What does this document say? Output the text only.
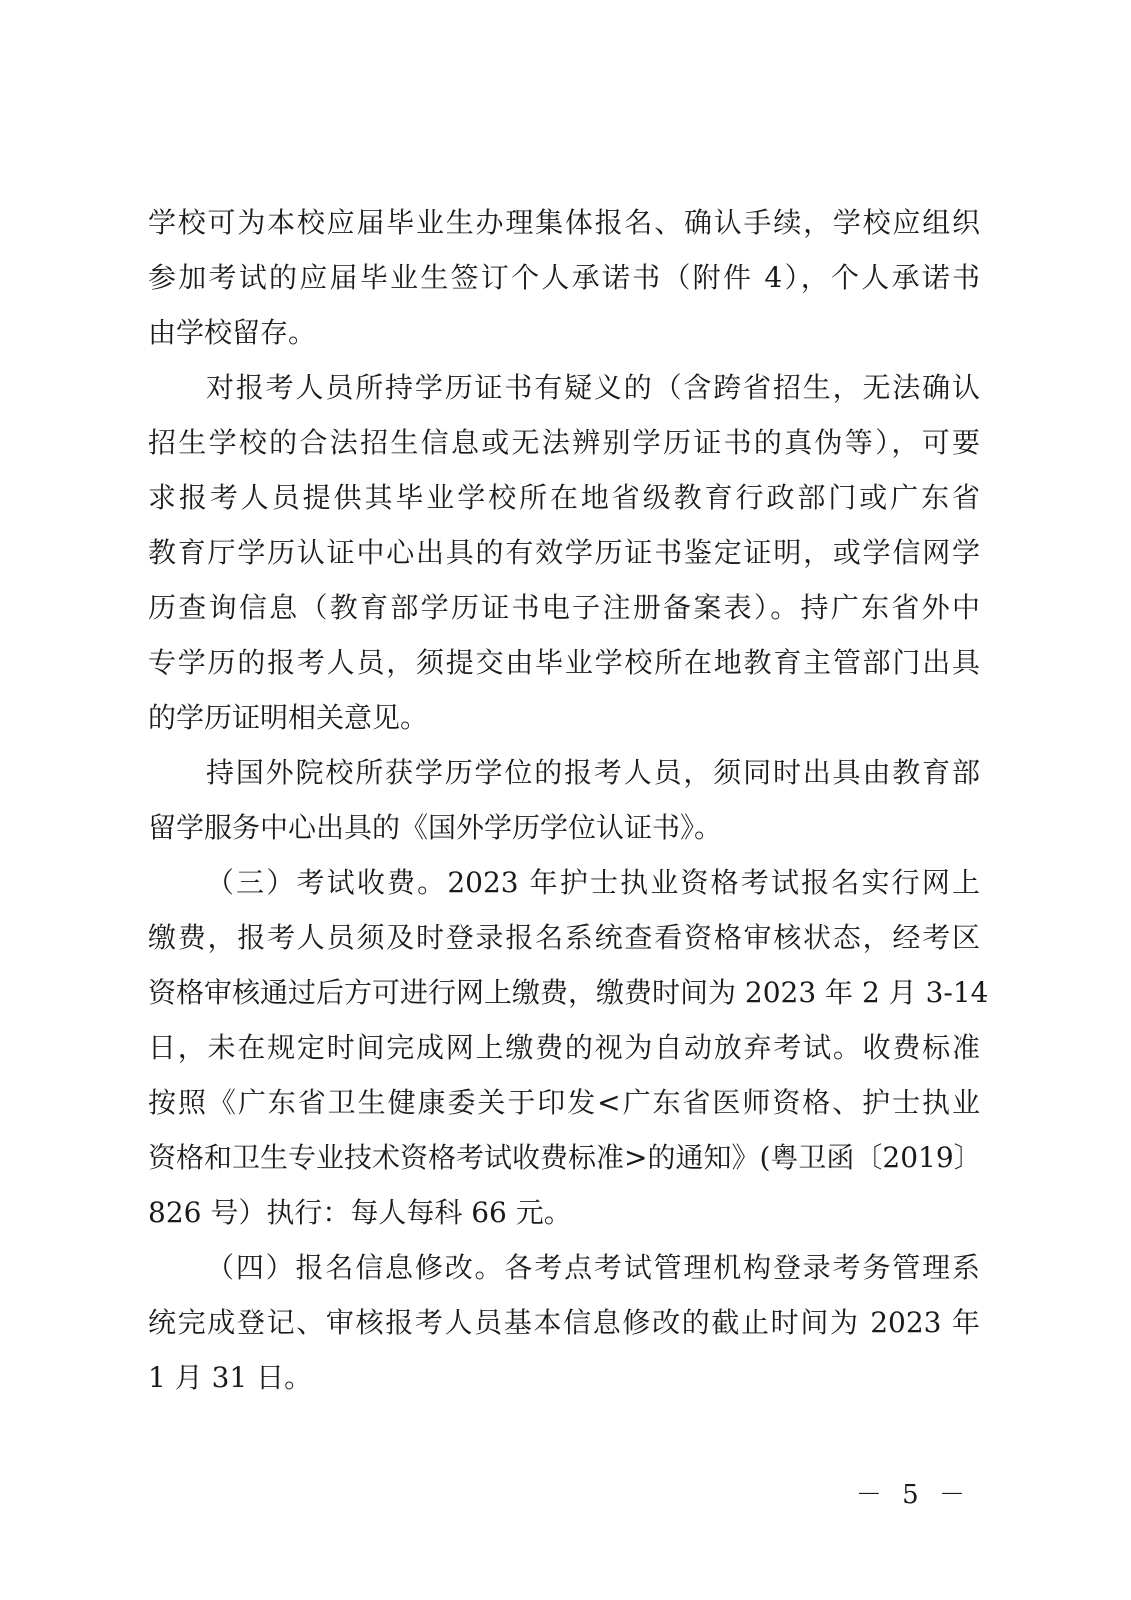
学校可为本校应届毕业生办理集体报名、确认手续，学校应组织
参加考试的应届毕业生签订个人承诺书（附件 4），个人承诺书
由学校留存。
对报考人员所持学历证书有疑义的（含跨省招生，无法确认
招生学校的合法招生信息或无法辨别学历证书的真伪等），可要
求报考人员提供其毕业学校所在地省级教育行政部门或广东省
教育厅学历认证中心出具的有效学历证书鉴定证明，或学信网学
历查询信息（教育部学历证书电子注册备案表）。持广东省外中
专学历的报考人员，须提交由毕业学校所在地教育主管部门出具
的学历证明相关意见。
持国外院校所获学历学位的报考人员，须同时出具由教育部
留学服务中心出具的《国外学历学位认证书》。
（三）考试收费。2023 年护士执业资格考试报名实行网上
缴费，报考人员须及时登录报名系统查看资格审核状态，经考区
资格审核通过后方可进行网上缴费，缴费时间为 2023 年 2 月 3-14
日，未在规定时间完成网上缴费的视为自动放弃考试。收费标准
按照《广东省卫生健康委关于印发<广东省医师资格、护士执业
资格和卫生专业技术资格考试收费标准>的通知》(粤卫函〔2019〕
826 号）执行：每人每科 66 元。
（四）报名信息修改。各考点考试管理机构登录考务管理系
统完成登记、审核报考人员基本信息修改的截止时间为 2023 年
1 月 31 日。
－ 5 －
